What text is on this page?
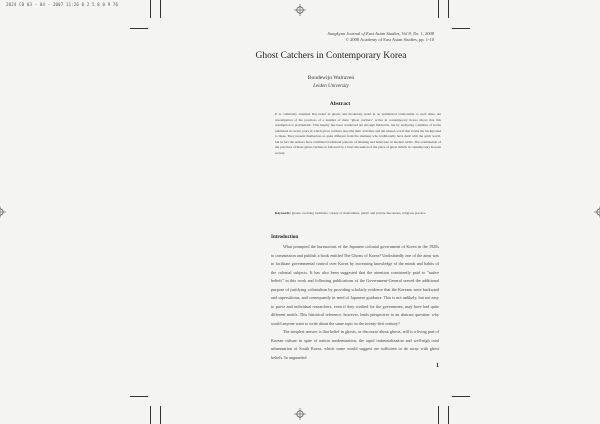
2024 CB 03 - 04 - 2007 11:26 0 2 5 8 0 9 76
Sungkyun Journal of East Asian Studies, Vol 8, No. 1, 2008
© 2008 Academy of East Asian Studies, pp. 1-10
Ghost Catchers in Contemporary Korea
Boudewijn Walraven
Leiden University
Abstract
It is commonly assumed that belief in ghosts and modernity stand in an antithetical relationship to each other. An investigation of the practices of a number of male "ghost catchers" active in contemporary Korea shows that this assumption is problematic. This inquiry has been conducted not through fieldwork, but by analyzing a number of books published in recent years in which ghost catchers describe their activities and the unseen world that forms the background to these. They present themselves as quite different from the shamans who traditionally have dealt with the spirit world, but in fact the authors have combined traditional patterns of thinking and behaviour in modern terms. The examination of the practices of these ghost catchers is followed by a brief discussion of the place of ghost beliefs in contemporary Korean society.
Keywords: ghosts, evolving traditions, variety of modernities, public and private discourses, religious practice
Introduction

What prompted the bureaucrats of the Japanese colonial government of Korea in the 1920s to commission and publish a book entitled The Ghosts of Korea? Undoubtedly one of the aims was to facilitate governmental control over Korea by increasing knowledge of the minds and habits of the colonial subjects. It has also been suggested that the attention consistently paid to "native beliefs" in this work and following publications of the Government-General served the additional purpose of justifying colonialism by providing scholarly evidence that the Koreans were backward and superstitious, and consequently in need of Japanese guidance. This is not unlikely, but not easy to prove and individual researchers, even if they worked for the government, may have had quite different motifs. This historical reference, however, lends perspective to an abstract question: why would anyone want to write about the same topic in the twenty-first century?

The simplest answer is that belief in ghosts, or discourse about ghosts, still is a living part of Korean culture in spite of nation modernization, the rapid industrialization and well-nigh total urbanization of South Korea, which some would suggest are sufficient to do away with ghost beliefs. In unguarded

1
